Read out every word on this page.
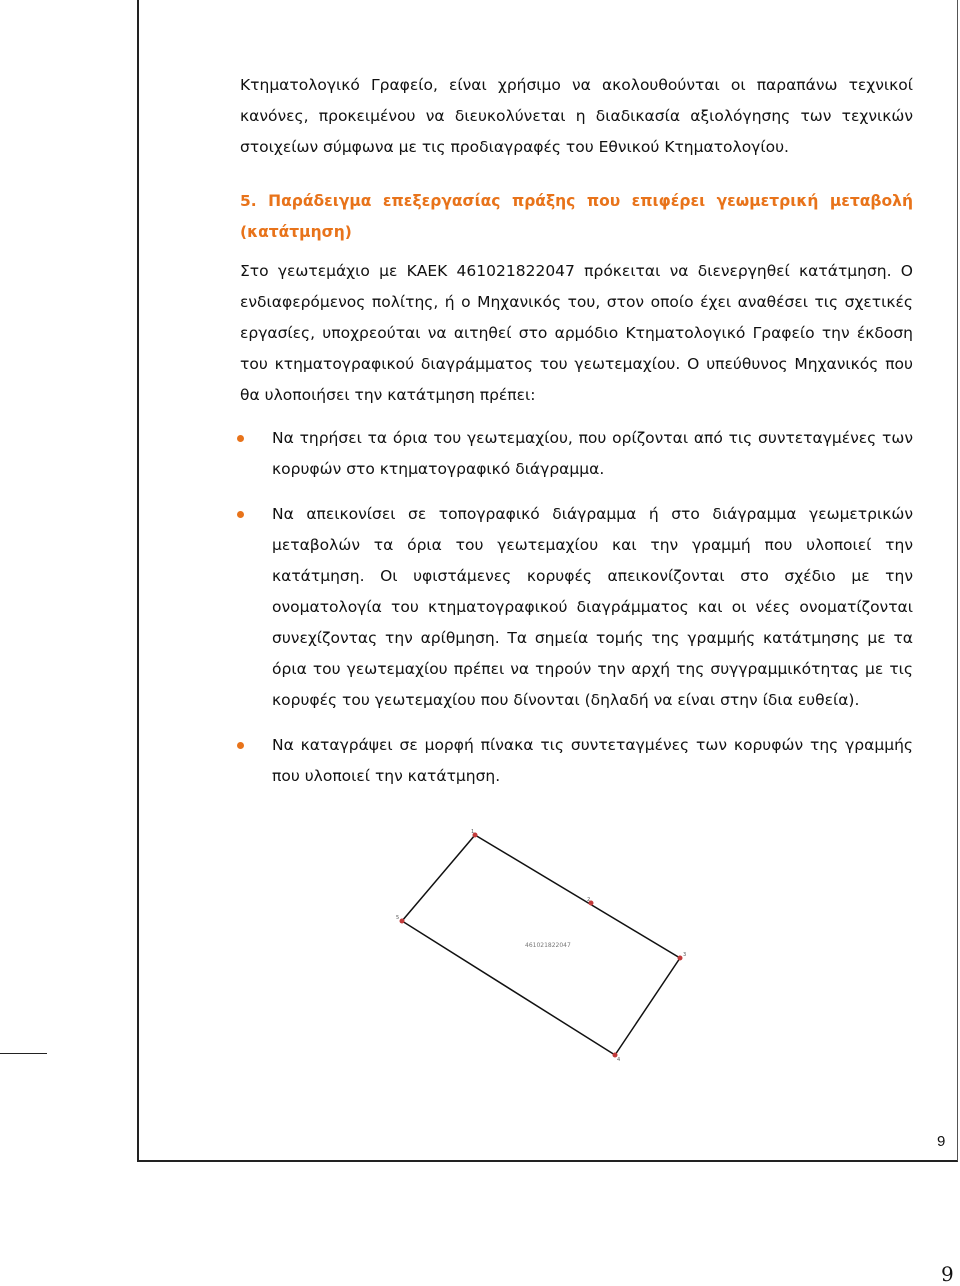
Κτηματολογικό Γραφείο, είναι χρήσιμο να ακολουθούνται οι παραπάνω τεχνικοί κανόνες, προκειμένου να διευκολύνεται η διαδικασία αξιολόγησης των τεχνικών στοιχείων σύμφωνα με τις προδιαγραφές του Εθνικού Κτηματολογίου.

5. Παράδειγμα επεξεργασίας πράξης που επιφέρει γεωμετρική μεταβολή (κατάτμηση)

Στο γεωτεμάχιο με ΚΑΕΚ 461021822047 πρόκειται να διενεργηθεί κατάτμηση. Ο ενδιαφερόμενος πολίτης, ή ο Μηχανικός του, στον οποίο έχει αναθέσει τις σχετικές εργασίες, υποχρεούται να αιτηθεί στο αρμόδιο Κτηματολογικό Γραφείο την έκδοση του κτηματογραφικού διαγράμματος του γεωτεμαχίου. Ο υπεύθυνος Μηχανικός που θα υλοποιήσει την κατάτμηση πρέπει:

Να τηρήσει τα όρια του γεωτεμαχίου, που ορίζονται από τις συντεταγμένες των κορυφών στο κτηματογραφικό διάγραμμα.
Να απεικονίσει σε τοπογραφικό διάγραμμα ή στο διάγραμμα γεωμετρικών μεταβολών τα όρια του γεωτεμαχίου και την γραμμή που υλοποιεί την κατάτμηση. Οι υφιστάμενες κορυφές απεικονίζονται στο σχέδιο με την ονοματολογία του κτηματογραφικού διαγράμματος και οι νέες ονοματίζονται συνεχίζοντας την αρίθμηση. Τα σημεία τομής της γραμμής κατάτμησης με τα όρια του γεωτεμαχίου πρέπει να τηρούν την αρχή της συγγραμμικότητας με τις κορυφές του γεωτεμαχίου που δίνονται (δηλαδή να είναι στην ίδια ευθεία).
Να καταγράψει σε μορφή πίνακα τις συντεταγμένες των κορυφών της γραμμής που υλοποιεί την κατάτμηση.
1
2
3
4
5
461021822047
9
9
